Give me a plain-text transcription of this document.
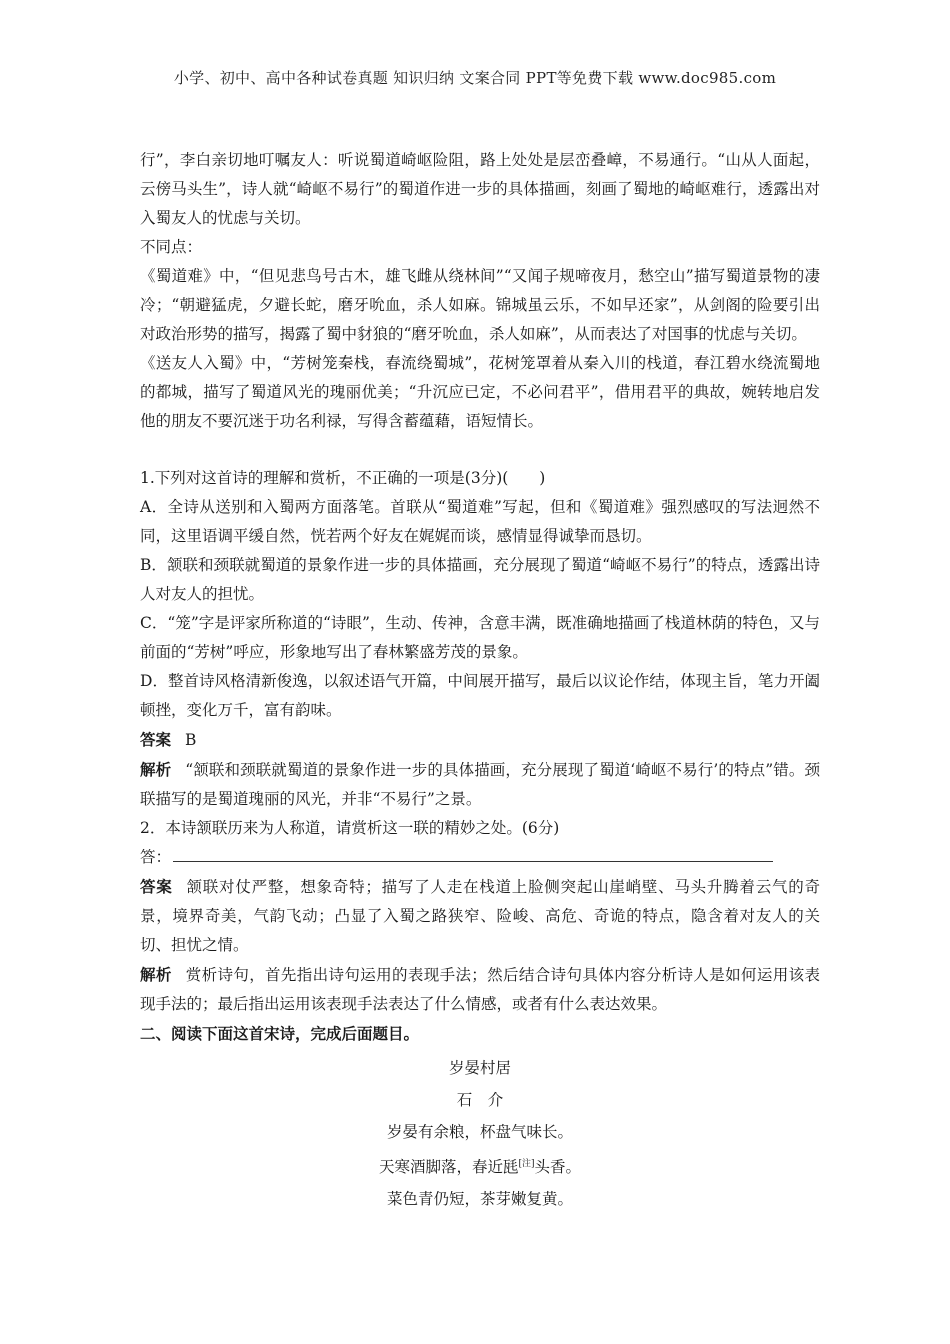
小学、初中、高中各种试卷真题 知识归纳 文案合同 PPT等免费下载 www.doc985.com

行”，李白亲切地叮嘱友人：听说蜀道崎岖险阻，路上处处是层峦叠嶂，不易通行。“山从人面起，云傍马头生”，诗人就“崎岖不易行”的蜀道作进一步的具体描画，刻画了蜀地的崎岖难行，透露出对入蜀友人的忧虑与关切。

不同点：

《蜀道难》中，“但见悲鸟号古木，雄飞雌从绕林间”“又闻子规啼夜月，愁空山”描写蜀道景物的凄冷；“朝避猛虎，夕避长蛇，磨牙吮血，杀人如麻。锦城虽云乐，不如早还家”，从剑阁的险要引出对政治形势的描写，揭露了蜀中豺狼的“磨牙吮血，杀人如麻”，从而表达了对国事的忧虑与关切。

《送友人入蜀》中，“芳树笼秦栈，春流绕蜀城”，花树笼罩着从秦入川的栈道，春江碧水绕流蜀地的都城，描写了蜀道风光的瑰丽优美；“升沉应已定，不必问君平”，借用君平的典故，婉转地启发他的朋友不要沉迷于功名利禄，写得含蓄蕴藉，语短情长。

1.下列对这首诗的理解和赏析，不正确的一项是(3分)(　　)

A．全诗从送别和入蜀两方面落笔。首联从“蜀道难”写起，但和《蜀道难》强烈感叹的写法迥然不同，这里语调平缓自然，恍若两个好友在娓娓而谈，感情显得诚挚而恳切。

B．颔联和颈联就蜀道的景象作进一步的具体描画，充分展现了蜀道“崎岖不易行”的特点，透露出诗人对友人的担忧。

C．“笼”字是评家所称道的“诗眼”，生动、传神，含意丰满，既准确地描画了栈道林荫的特色，又与前面的“芳树”呼应，形象地写出了春林繁盛芳茂的景象。

D．整首诗风格清新俊逸，以叙述语气开篇，中间展开描写，最后以议论作结，体现主旨，笔力开阖顿挫，变化万千，富有韵味。

答案 B

解析 “颔联和颈联就蜀道的景象作进一步的具体描画，充分展现了蜀道‘崎岖不易行’的特点”错。颈联描写的是蜀道瑰丽的风光，并非“不易行”之景。

2．本诗颔联历来为人称道，请赏析这一联的精妙之处。(6分)

答：

答案 颔联对仗严整，想象奇特；描写了人走在栈道上脸侧突起山崖峭壁、马头升腾着云气的奇景，境界奇美，气韵飞动；凸显了入蜀之路狭窄、险峻、高危、奇诡的特点，隐含着对友人的关切、担忧之情。

解析 赏析诗句，首先指出诗句运用的表现手法；然后结合诗句具体内容分析诗人是如何运用该表现手法的；最后指出运用该表现手法表达了什么情感，或者有什么表达效果。

二、阅读下面这首宋诗，完成后面题目。

岁晏村居

石　介

岁晏有余粮，杯盘气味长。

天寒酒脚落，春近瓱[注]头香。

菜色青仍短，茶芽嫩复黄。
